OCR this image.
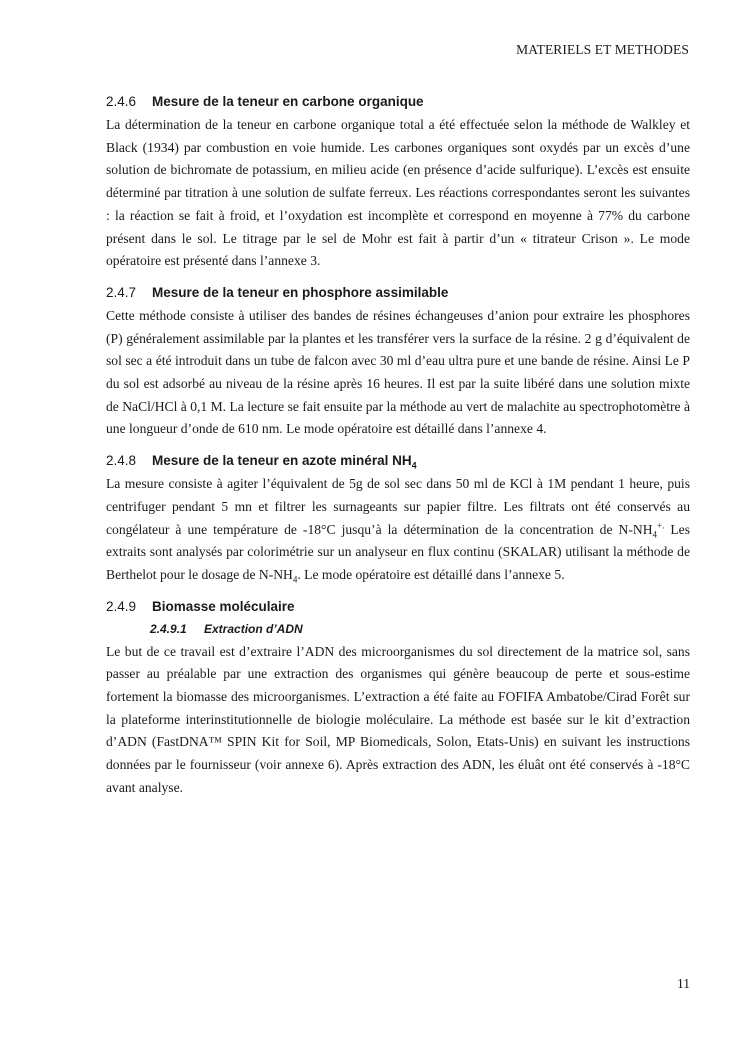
MATERIELS ET METHODES
2.4.6 Mesure de la teneur en carbone organique

La détermination de la teneur en carbone organique total a été effectuée selon la méthode de Walkley et Black (1934) par combustion en voie humide. Les carbones organiques sont oxydés par un excès d’une solution de bichromate de potassium, en milieu acide (en présence d’acide sulfurique). L’excès est ensuite déterminé par titration à une solution de sulfate ferreux. Les réactions correspondantes seront les suivantes : la réaction se fait à froid, et l’oxydation est incomplète et correspond en moyenne à 77% du carbone présent dans le sol. Le titrage par le sel de Mohr est fait à partir d’un « titrateur Crison ». Le mode opératoire est présenté dans l’annexe 3.

2.4.7 Mesure de la teneur en phosphore assimilable

Cette méthode consiste à utiliser des bandes de résines échangeuses d’anion pour extraire les phosphores (P) généralement assimilable par la plantes et les transférer vers la surface de la résine. 2 g d’équivalent de sol sec a été introduit dans un tube de falcon avec 30 ml d’eau ultra pure et une bande de résine. Ainsi Le P du sol est adsorbé au niveau de la résine après 16 heures. Il est par la suite libéré dans une solution mixte de NaCl/HCl à 0,1 M. La lecture se fait ensuite par la méthode au vert de malachite au spectrophotomètre à une longueur d’onde de 610 nm. Le mode opératoire est détaillé dans l’annexe 4.

2.4.8 Mesure de la teneur en azote minéral $NH_4$

La mesure consiste à agiter l’équivalent de 5g de sol sec dans 50 ml de KCl à 1M pendant 1 heure, puis centrifuger pendant 5 mn et filtrer les surnageants sur papier filtre. Les filtrats ont été conservés au congélateur à une température de -18°C jusqu’à la détermination de la concentration de $N-NH_4^{+.}$ Les extraits sont analysés par colorimétrie sur un analyseur en flux continu (SKALAR) utilisant la méthode de Berthelot pour le dosage de $N-NH_4$. Le mode opératoire est détaillé dans l’annexe 5.

2.4.9 Biomasse moléculaire
2.4.9.1 Extraction d’ADN

Le but de ce travail est d’extraire l’ADN des microorganismes du sol directement de la matrice sol, sans passer au préalable par une extraction des organismes qui génère beaucoup de perte et sous-estime fortement la biomasse des microorganismes. L’extraction a été faite au FOFIFA Ambatobe/Cirad Forêt sur la plateforme interinstitutionnelle de biologie moléculaire. La méthode est basée sur le kit d’extraction d’ADN (FastDNA™ SPIN Kit for Soil, MP Biomedicals, Solon, Etats-Unis) en suivant les instructions données par le fournisseur (voir annexe 6). Après extraction des ADN, les éluât ont été conservés à -18°C avant analyse.

11
